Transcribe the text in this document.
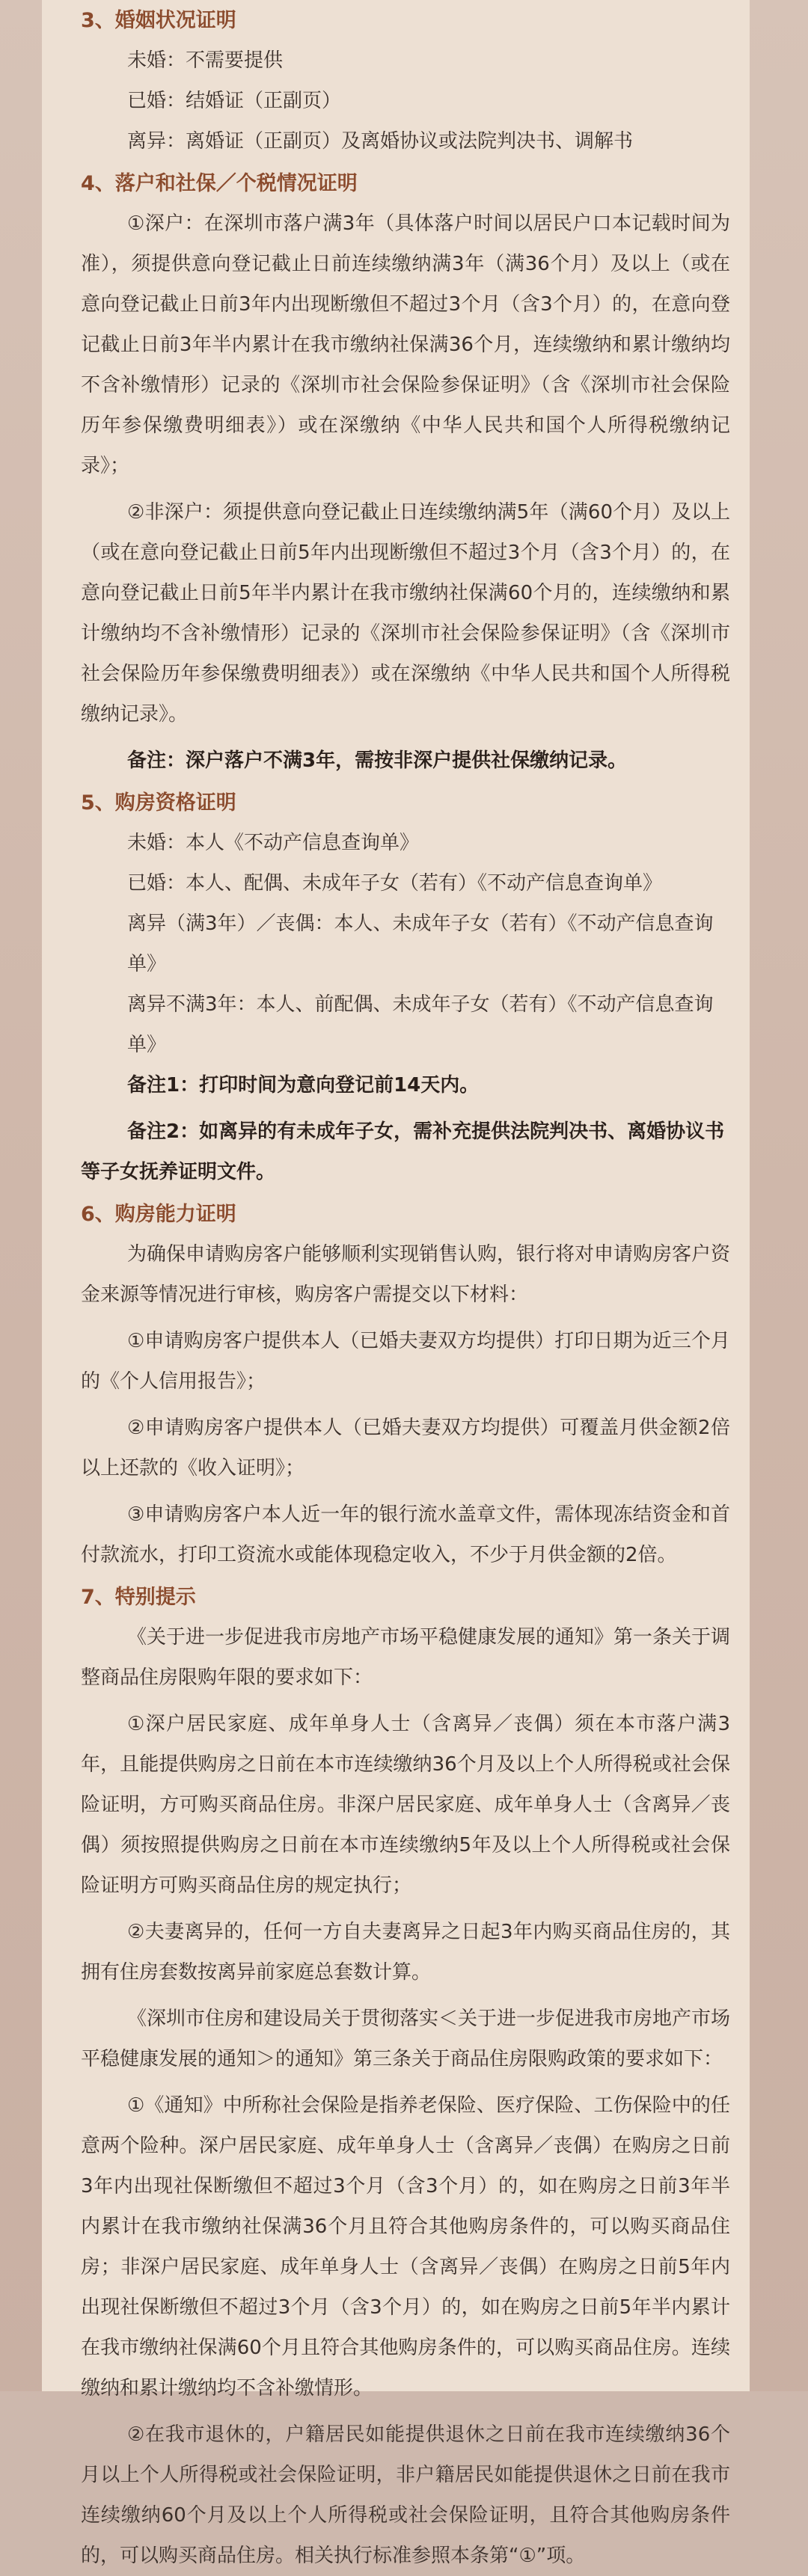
3、婚姻状况证明
未婚：不需要提供
已婚：结婚证（正副页）
离异：离婚证（正副页）及离婚协议或法院判决书、调解书
4、落户和社保／个税情况证明

①深户：在深圳市落户满3年（具体落户时间以居民户口本记载时间为准），须提供意向登记截止日前连续缴纳满3年（满36个月）及以上（或在意向登记截止日前3年内出现断缴但不超过3个月（含3个月）的，在意向登记截止日前3年半内累计在我市缴纳社保满36个月，连续缴纳和累计缴纳均不含补缴情形）记录的《深圳市社会保险参保证明》（含《深圳市社会保险历年参保缴费明细表》）或在深缴纳《中华人民共和国个人所得税缴纳记录》；

②非深户：须提供意向登记截止日连续缴纳满5年（满60个月）及以上（或在意向登记截止日前5年内出现断缴但不超过3个月（含3个月）的，在意向登记截止日前5年半内累计在我市缴纳社保满60个月的，连续缴纳和累计缴纳均不含补缴情形）记录的《深圳市社会保险参保证明》（含《深圳市社会保险历年参保缴费明细表》）或在深缴纳《中华人民共和国个人所得税缴纳记录》。

备注：深户落户不满3年，需按非深户提供社保缴纳记录。

5、购房资格证明
未婚：本人《不动产信息查询单》
已婚：本人、配偶、未成年子女（若有）《不动产信息查询单》
离异（满3年）／丧偶：本人、未成年子女（若有）《不动产信息查询单》
离异不满3年：本人、前配偶、未成年子女（若有）《不动产信息查询单》

备注1：打印时间为意向登记前14天内。

备注2：如离异的有未成年子女，需补充提供法院判决书、离婚协议书等子女抚养证明文件。

6、购房能力证明

为确保申请购房客户能够顺利实现销售认购，银行将对申请购房客户资金来源等情况进行审核，购房客户需提交以下材料：

①申请购房客户提供本人（已婚夫妻双方均提供）打印日期为近三个月的《个人信用报告》；

②申请购房客户提供本人（已婚夫妻双方均提供）可覆盖月供金额2倍以上还款的《收入证明》；

③申请购房客户本人近一年的银行流水盖章文件，需体现冻结资金和首付款流水，打印工资流水或能体现稳定收入，不少于月供金额的2倍。

7、特别提示

《关于进一步促进我市房地产市场平稳健康发展的通知》第一条关于调整商品住房限购年限的要求如下：

①深户居民家庭、成年单身人士（含离异／丧偶）须在本市落户满3年，且能提供购房之日前在本市连续缴纳36个月及以上个人所得税或社会保险证明，方可购买商品住房。非深户居民家庭、成年单身人士（含离异／丧偶）须按照提供购房之日前在本市连续缴纳5年及以上个人所得税或社会保险证明方可购买商品住房的规定执行；

②夫妻离异的，任何一方自夫妻离异之日起3年内购买商品住房的，其拥有住房套数按离异前家庭总套数计算。

《深圳市住房和建设局关于贯彻落实＜关于进一步促进我市房地产市场平稳健康发展的通知＞的通知》第三条关于商品住房限购政策的要求如下：

①《通知》中所称社会保险是指养老保险、医疗保险、工伤保险中的任意两个险种。深户居民家庭、成年单身人士（含离异／丧偶）在购房之日前3年内出现社保断缴但不超过3个月（含3个月）的，如在购房之日前3年半内累计在我市缴纳社保满36个月且符合其他购房条件的，可以购买商品住房；非深户居民家庭、成年单身人士（含离异／丧偶）在购房之日前5年内出现社保断缴但不超过3个月（含3个月）的，如在购房之日前5年半内累计在我市缴纳社保满60个月且符合其他购房条件的，可以购买商品住房。连续缴纳和累计缴纳均不含补缴情形。

②在我市退休的，户籍居民如能提供退休之日前在我市连续缴纳36个月以上个人所得税或社会保险证明，非户籍居民如能提供退休之日前在我市连续缴纳60个月及以上个人所得税或社会保险证明，且符合其他购房条件的，可以购买商品住房。相关执行标准参照本条第“①”项。
